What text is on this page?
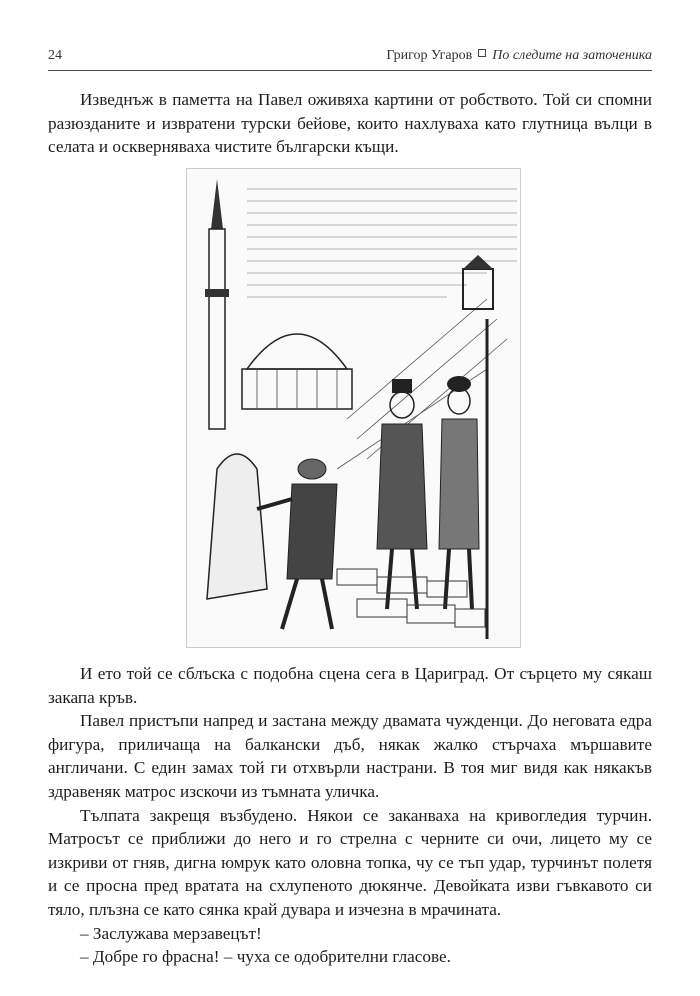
24	Григор Угаров По следите на заточеника

Изведнъж в паметта на Павел оживяха картини от робството. Той си спомни разюзданите и извратени турски бейове, които нахлуваха като глутница вълци в селата и оскверняваха чистите български къщи.

И ето той се сблъска с подобна сцена сега в Цариград. От сърцето му сякаш закапа кръв.

Павел пристъпи напред и застана между двамата чужденци. До неговата едра фигура, приличаща на балкански дъб, някак жалко стърчаха мършавите англичани. С един замах той ги отхвърли настрани. В тоя миг видя как някакъв здравеняк матрос изскочи из тъмната уличка.

Тълпата закрещя възбудено. Някои се заканваха на кривогледия турчин. Матросът се приближи до него и го стрелна с черните си очи, лицето му се изкриви от гняв, дигна юмрук като оловна топка, чу се тъп удар, турчинът полетя и се просна пред вратата на схлупеното дюкянче. Девойката изви гъвкавото си тяло, плъзна се като сянка край дувара и изчезна в мрачината.

– Заслужава мерзавецът!

– Добре го фрасна! – чуха се одобрителни гласове.
